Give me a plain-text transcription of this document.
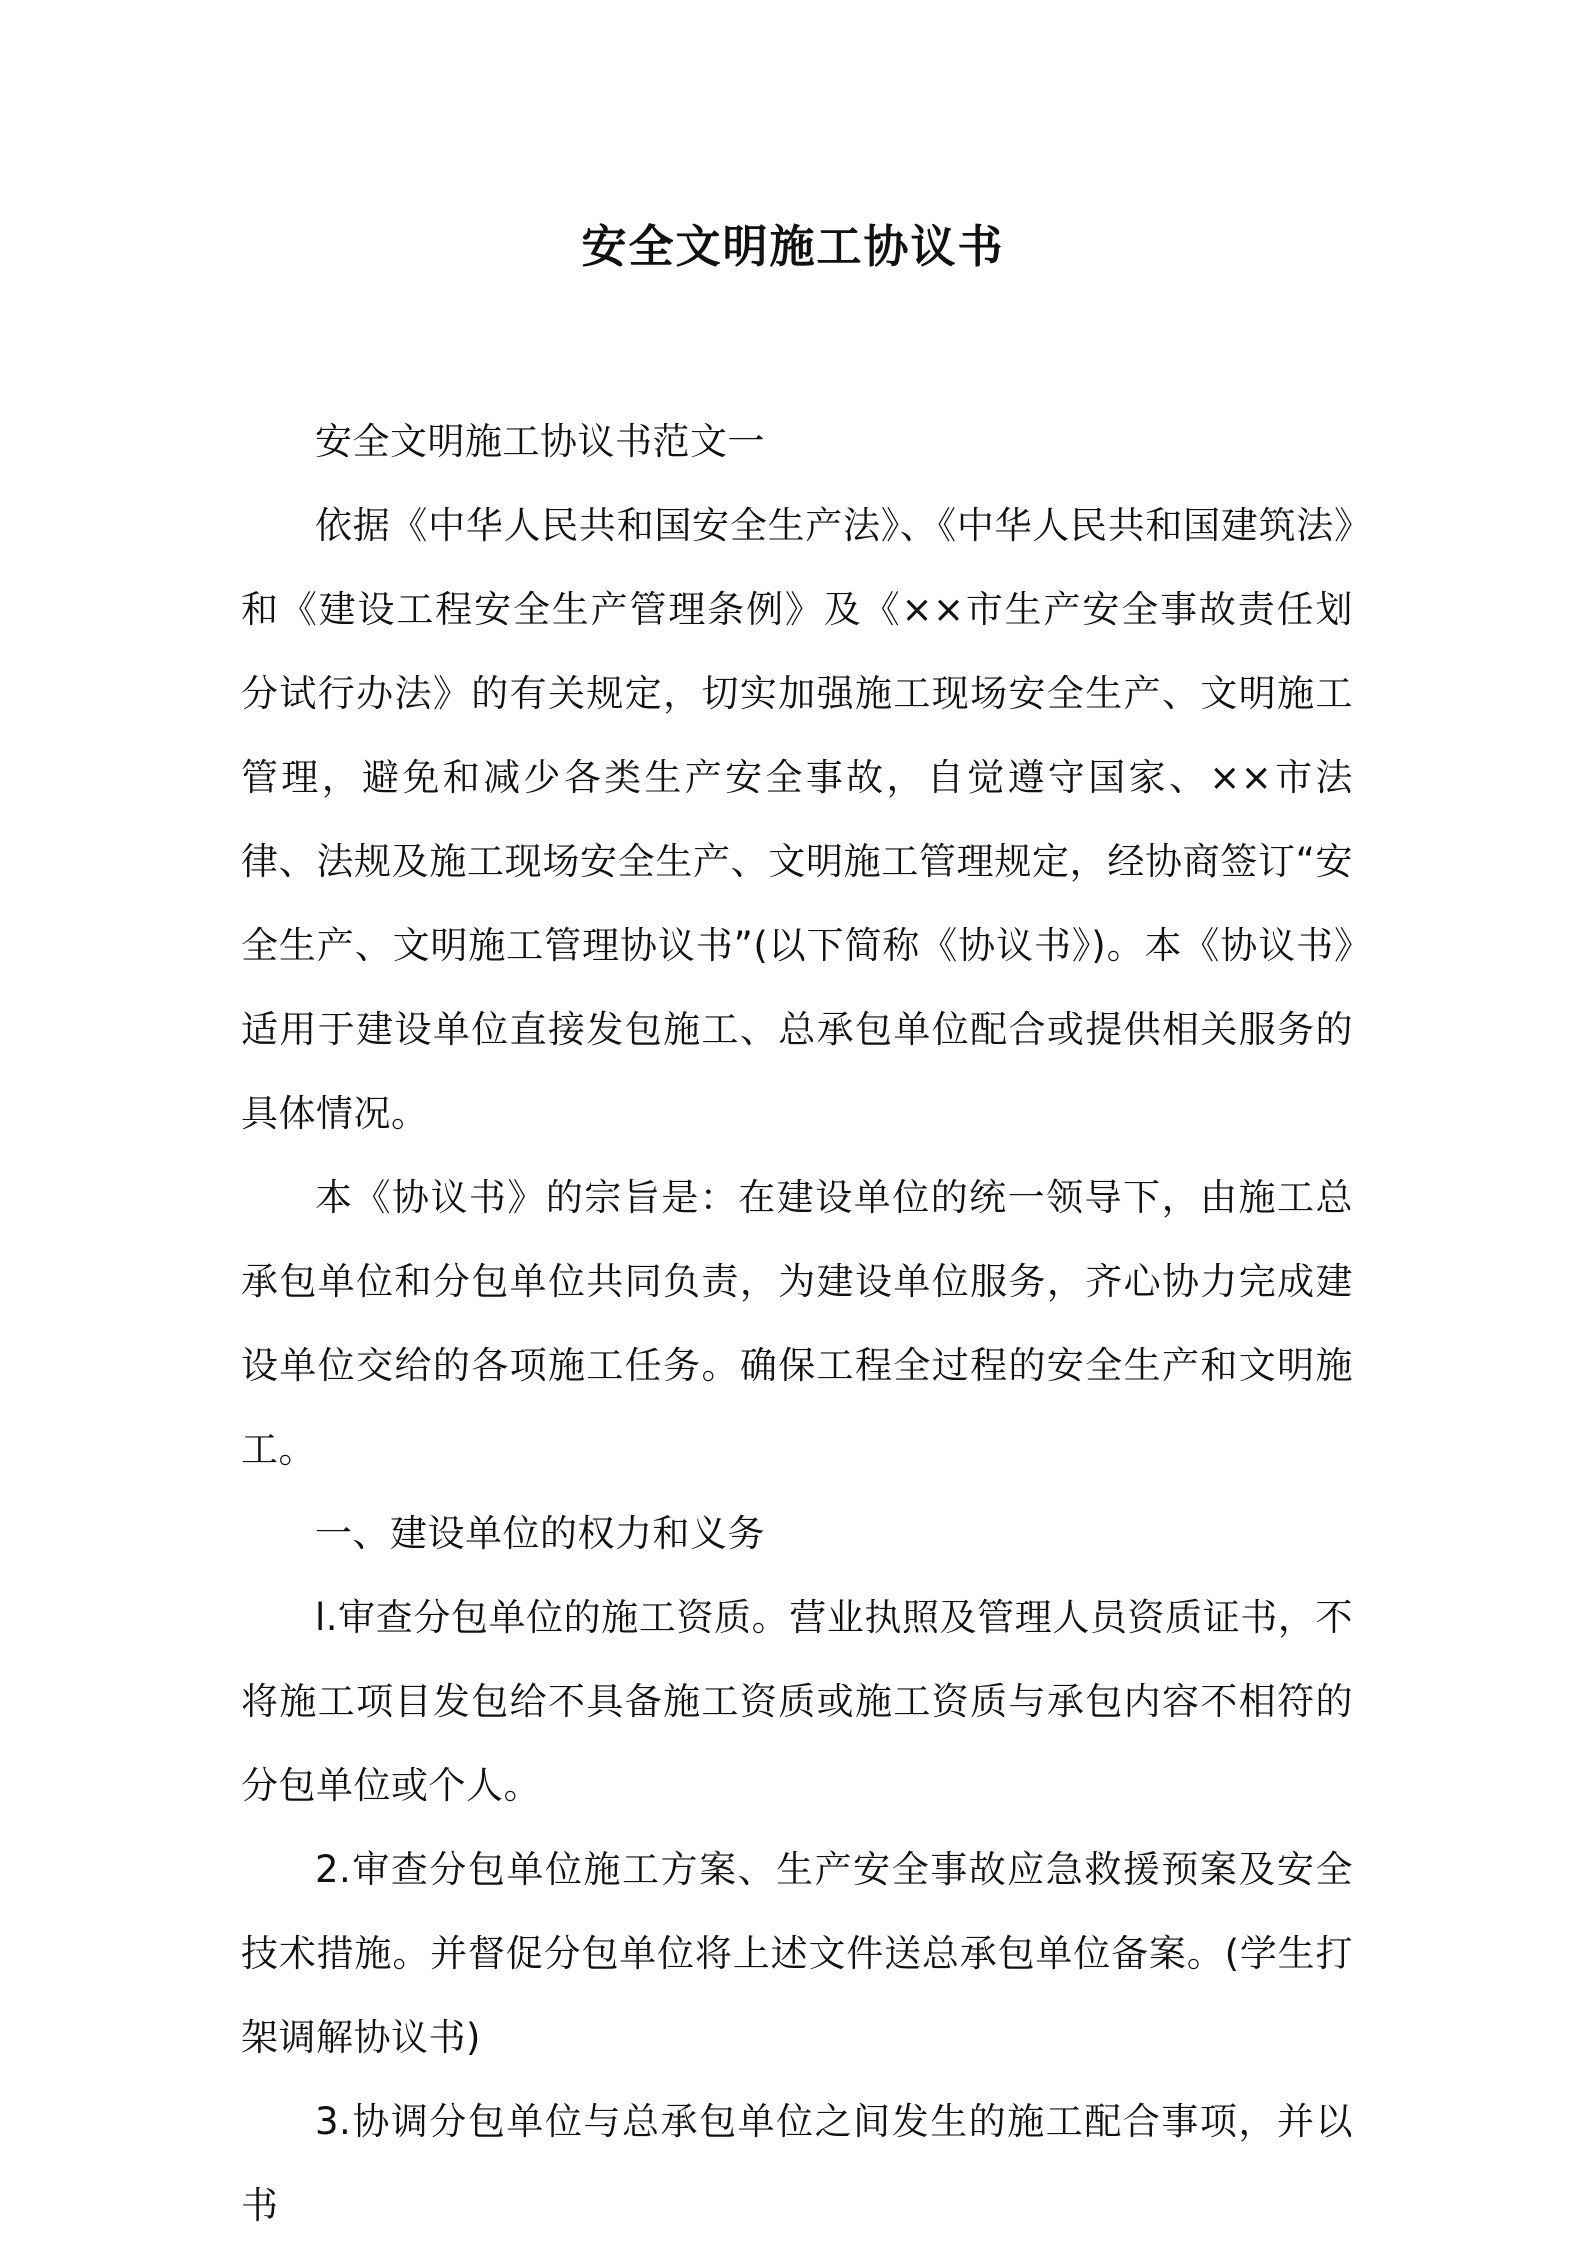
安全文明施工协议书

安全文明施工协议书范文一

依据《中华人民共和国安全生产法》、《中华人民共和国建筑法》和《建设工程安全生产管理条例》及《××市生产安全事故责任划分试行办法》的有关规定，切实加强施工现场安全生产、文明施工管理，避免和减少各类生产安全事故，自觉遵守国家、××市法律、法规及施工现场安全生产、文明施工管理规定，经协商签订“安全生产、文明施工管理协议书”(以下简称《协议书》)。本《协议书》适用于建设单位直接发包施工、总承包单位配合或提供相关服务的具体情况。

本《协议书》的宗旨是：在建设单位的统一领导下，由施工总承包单位和分包单位共同负责，为建设单位服务，齐心协力完成建设单位交给的各项施工任务。确保工程全过程的安全生产和文明施工。

一、建设单位的权力和义务

l.审查分包单位的施工资质。营业执照及管理人员资质证书，不将施工项目发包给不具备施工资质或施工资质与承包内容不相符的分包单位或个人。

2.审查分包单位施工方案、生产安全事故应急救援预案及安全技术措施。并督促分包单位将上述文件送总承包单位备案。(学生打架调解协议书)

3.协调分包单位与总承包单位之间发生的施工配合事项，并以书
